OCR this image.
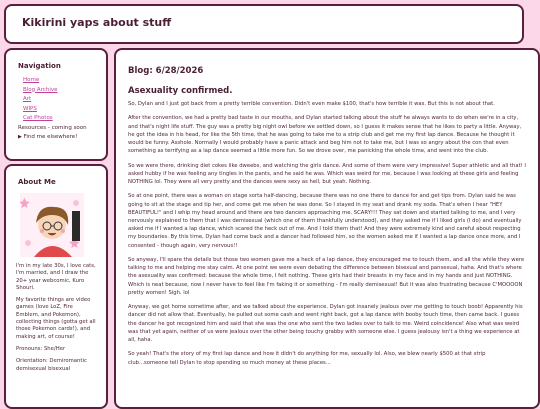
Kikirini yaps about stuff
Navigation
Home
Blog Archive
Art
WIPS
Cat Photos
Resources - coming soon
▶ Find me elsewhere!
About Me

I'm in my late 30s, I love cats, I'm married, and I draw the 20+ year webcomic, Kuro Shouri.

My favorite things are video games (love LoZ, Fire Emblem, and Pokemon), collecting things (gotta get all those Pokemon cards!), and making art, of course!

Pronouns: She/Her

Orientation: Demiromantic demisexual bisexual

Blog: 6/28/2026
Asexuality confirmed.

So, Dylan and I just got back from a pretty terrible convention. Didn't even make $100, that's how terrible it was. But this is not about that.

After the convention, we had a pretty bad taste in our mouths, and Dylan started talking about the stuff he always wants to do when we're in a city, and that's night life stuff. The guy was a pretty big night owl before we settled down, so I guess it makes sense that he likes to party a little. Anyway, he got the idea in his head, for like the 5th time, that he was going to take me to a strip club and get me my first lap dance. Because he thought it would be funny. Asshole. Normally I would probably have a panic attack and beg him not to take me, but I was so angry about the con that even something as terrifying as a lap dance seemed a little more fun. So we drove over, me panicking the whole time, and went into the club.

So we were there, drinking diet cokes like dweebs, and watching the girls dance. And some of them were very impressive! Super athletic and all that! I asked hubby if he was feeling any tingles in the pants, and he said he was. Which was weird for me, because I was looking at these girls and feeling NOTHING lol. They were all very pretty and the dances were sexy as hell, but yeah. Nothing.

So at one point, there was a woman on stage sorta half-dancing, because there was no one there to dance for and get tips from. Dylan said he was going to sit at the stage and tip her, and come get me when he was done. So I stayed in my seat and drank my soda. That's when I hear "HEY BEAUTIFUL!" and I whip my head around and there are two dancers approaching me. SCARY!!! They sat down and started talking to me, and I very nervously explained to them that I was demisexual (which one of them thankfully understood), and they asked me if I liked girls (I do) and eventually asked me if I wanted a lap dance, which scared the heck out of me. And I told them that! And they were extremely kind and careful about respecting my boundaries. By this time, Dylan had come back and a dancer had followed him, so the women asked me if I wanted a lap dance once more, and I consented - though again, very nervous!!

So anyway, I'll spare the details but those two women gave me a heck of a lap dance, they encouraged me to touch them, and all the while they were talking to me and helping me stay calm. At one point we were even debating the difference between bisexual and pansexual, haha. And that's where the asexuality was confirmed: because the whole time, I felt nothing. These girls had their breasts in my face and in my hands and just NOTHING. Which is neat because, now I never have to feel like I'm faking it or something - I'm really demisexual! But it was also frustrating because C'MOOOON pretty women! Sigh. lol

Anyway, we got home sometime after, and we talked about the experience. Dylan got insanely jealous over me getting to touch boob! Apparently his dancer did not allow that. Eventually, he pulled out some cash and went right back, got a lap dance with booby touch time, then came back. I guess the dancer he got recognized him and said that she was the one who sent the two ladies over to talk to me. Weird coincidence! Also what was weird was that yet again, neither of us were jealous over the other being touchy grabby with someone else. I guess jealousy isn't a thing we experience at all, haha.

So yeah! That's the story of my first lap dance and how it didn't do anything for me, sexually lol. Also, we blew nearly $500 at that strip club...someone tell Dylan to stop spending so much money at these places...
